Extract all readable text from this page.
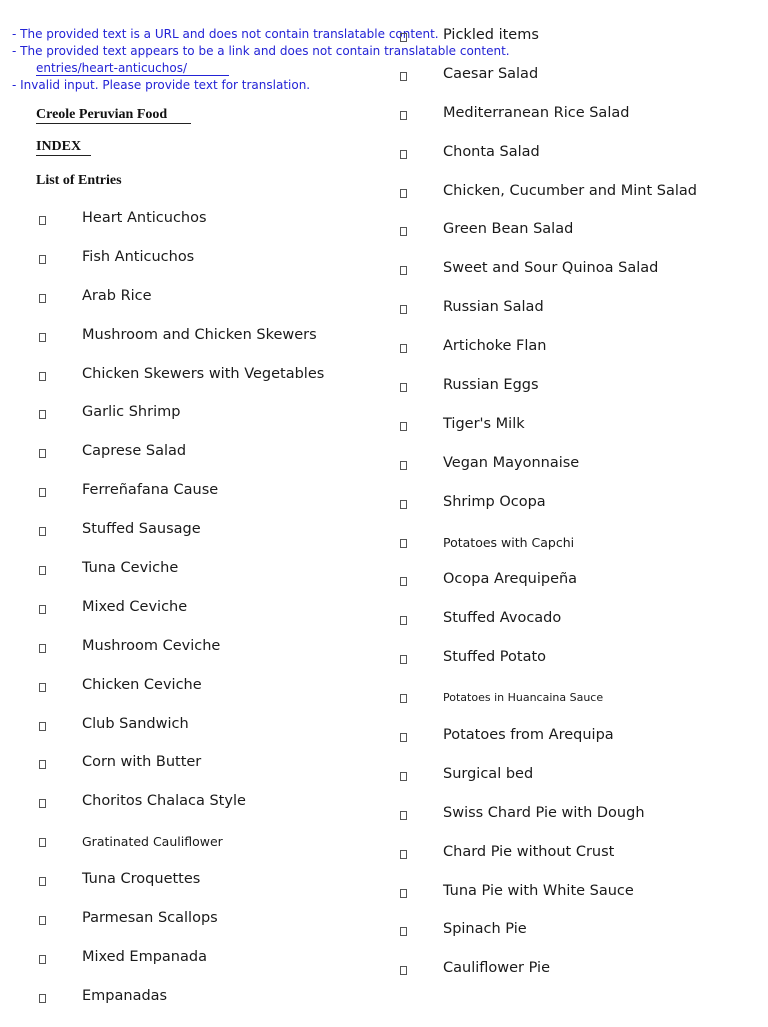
- The provided text is a URL and does not contain translatable content.
- The provided text appears to be a link and does not contain translatable content.
entries/heart-anticuchos/
- Invalid input. Please provide text for translation.
Creole Peruvian Food
INDEX
List of Entries
Heart Anticuchos
Fish Anticuchos
Arab Rice
Mushroom and Chicken Skewers
Chicken Skewers with Vegetables
Garlic Shrimp
Caprese Salad
Ferreñafana Cause
Stuffed Sausage
Tuna Ceviche
Mixed Ceviche
Mushroom Ceviche
Chicken Ceviche
Club Sandwich
Corn with Butter
Choritos Chalaca Style
Gratinated Cauliflower
Tuna Croquettes
Parmesan Scallops
Mixed Empanada
Empanadas
Pickled items
Caesar Salad
Mediterranean Rice Salad
Chonta Salad
Chicken, Cucumber and Mint Salad
Green Bean Salad
Sweet and Sour Quinoa Salad
Russian Salad
Artichoke Flan
Russian Eggs
Tiger's Milk
Vegan Mayonnaise
Shrimp Ocopa
Potatoes with Capchi
Ocopa Arequipeña
Stuffed Avocado
Stuffed Potato
Potatoes in Huancaina Sauce
Potatoes from Arequipa
Surgical bed
Swiss Chard Pie with Dough
Chard Pie without Crust
Tuna Pie with White Sauce
Spinach Pie
Cauliflower Pie
